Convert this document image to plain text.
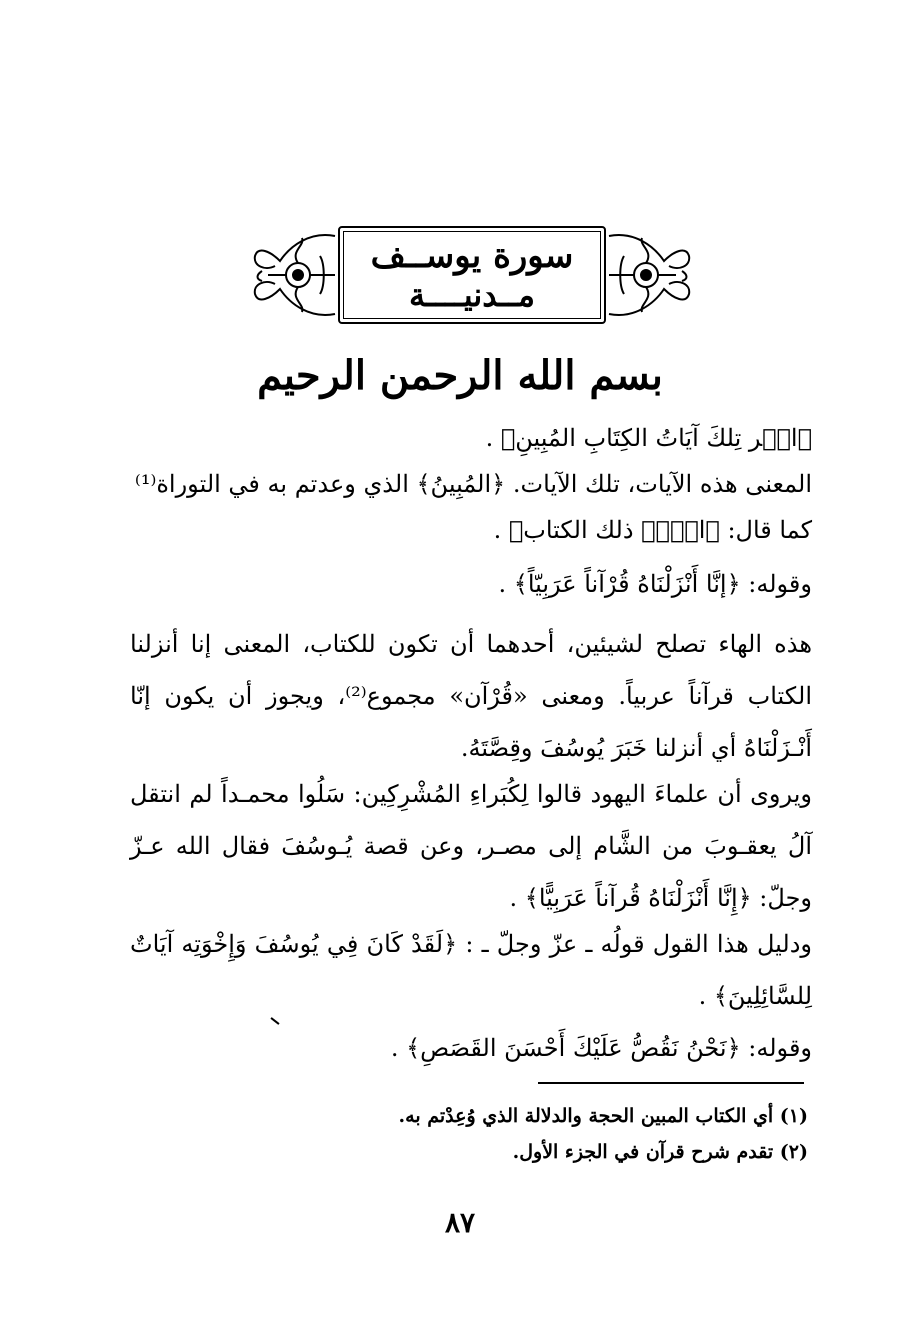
سورة يوســف
مــدنيــــة
بسم الله الرحمن الرحيم
﴿الۤر تِلكَ آيَاتُ الكِتَابِ المُبِينِ﴾ .
المعنى هذه الآيات، تلك الآيات. ﴿المُبِينُ﴾ الذي وعدتم به في التوراة⁽¹⁾
كما قال: ﴿الۤمۤ ذلك الكتاب﴾ .
وقوله: ﴿إنَّا أَنْزَلْنَاهُ قُرْآناً عَرَبِيّاً﴾ .
هذه الهاء تصلح لشيئين، أحدهما أن تكون للكتاب، المعنى إنا أنزلنا الكتاب قرآناً عربياً. ومعنى «قُرْآن» مجموع⁽²⁾، ويجوز أن يكون إنّا أَنْـزَلْنَاهُ أي أنزلنا خَبَرَ يُوسُفَ وقِصَّتَهُ.
ويروى أن علماءَ اليهود قالوا لِكُبَراءِ المُشْرِكِين: سَلُوا محمـداً لم انتقل آلُ يعقـوبَ من الشَّام إلى مصـر، وعن قصة يُـوسُفَ فقال الله عـزّ وجلّ: ﴿إِنَّا أَنْزَلْنَاهُ قُرآناً عَرَبِيًّا﴾ .
ودليل هذا القول قولُه ـ عزّ وجلّ ـ : ﴿لَقَدْ كَانَ فِي يُوسُفَ وَإِخْوَتِه آيَاتٌ لِلسَّائِلِينَ﴾ .
وقوله: ﴿نَحْنُ نَقُصُّ عَلَيْكَ أَحْسَنَ القَصَصِ﴾ .
(١) أي الكتاب المبين الحجة والدلالة الذي وُعِدْتم به.
(٢) تقدم شرح قرآن في الجزء الأول.
٨٧
